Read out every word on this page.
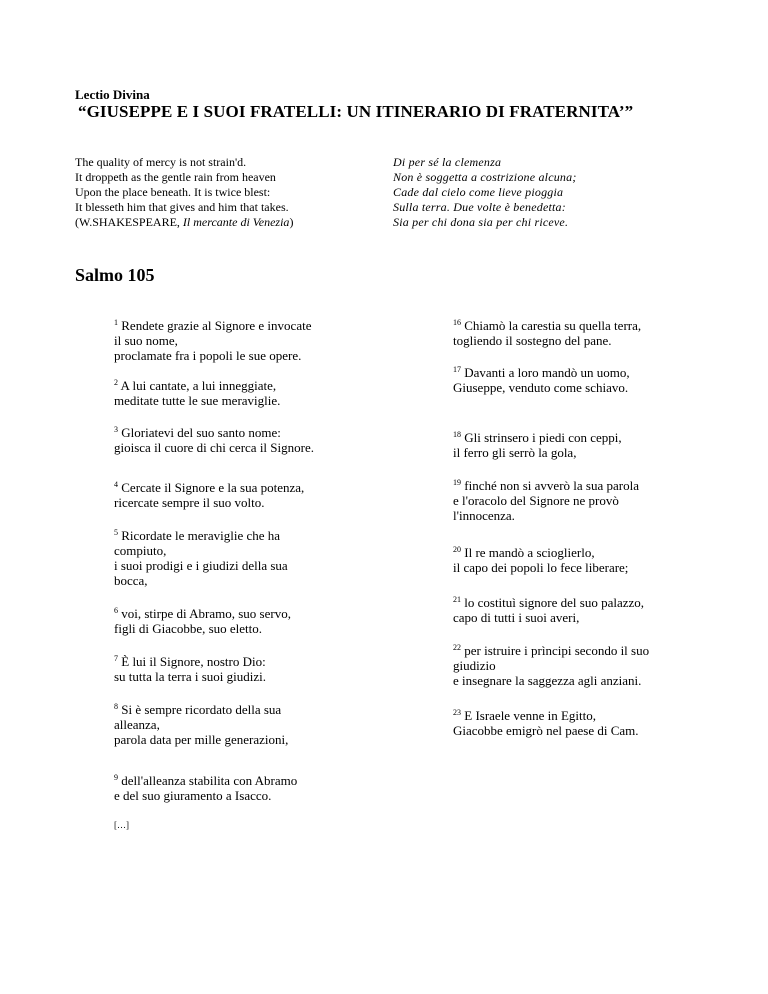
Lectio Divina
“GIUSEPPE E I SUOI FRATELLI: UN ITINERARIO DI FRATERNITA’”
The quality of mercy is not strain'd.
It droppeth as the gentle rain from heaven
Upon the place beneath. It is twice blest:
It blesseth him that gives and him that takes.
(W.SHAKESPEARE, Il mercante di Venezia)
Di per sé la clemenza
Non è soggetta a costrizione alcuna;
Cade dal cielo come lieve pioggia
Sulla terra. Due volte è benedetta:
Sia per chi dona sia per chi riceve.
Salmo 105
$^1$ Rendete grazie al Signore e invocate
il suo nome,
proclamate fra i popoli le sue opere.
$^2$ A lui cantate, a lui inneggiate,
meditate tutte le sue meraviglie.
$^3$ Gloriatevi del suo santo nome:
gioisca il cuore di chi cerca il Signore.
$^4$ Cercate il Signore e la sua potenza,
ricercate sempre il suo volto.
$^5$ Ricordate le meraviglie che ha
compiuto,
i suoi prodigi e i giudizi della sua
bocca,
$^6$ voi, stirpe di Abramo, suo servo,
figli di Giacobbe, suo eletto.
$^7$ È lui il Signore, nostro Dio:
su tutta la terra i suoi giudizi.
$^8$ Si è sempre ricordato della sua
alleanza,
parola data per mille generazioni,
$^9$ dell'alleanza stabilita con Abramo
e del suo giuramento a Isacco.
$^{16}$ Chiamò la carestia su quella terra,
togliendo il sostegno del pane.
$^{17}$ Davanti a loro mandò un uomo,
Giuseppe, venduto come schiavo.
$^{18}$ Gli strinsero i piedi con ceppi,
il ferro gli serrò la gola,
$^{19}$ finché non si avverò la sua parola
e l'oracolo del Signore ne provò
l'innocenza.
$^{20}$ Il re mandò a scioglierlo,
il capo dei popoli lo fece liberare;
$^{21}$ lo costituì signore del suo palazzo,
capo di tutti i suoi averi,
$^{22}$ per istruire i prìncipi secondo il suo
giudizio
e insegnare la saggezza agli anziani.
$^{23}$ E Israele venne in Egitto,
Giacobbe emigrò nel paese di Cam.
[…]
